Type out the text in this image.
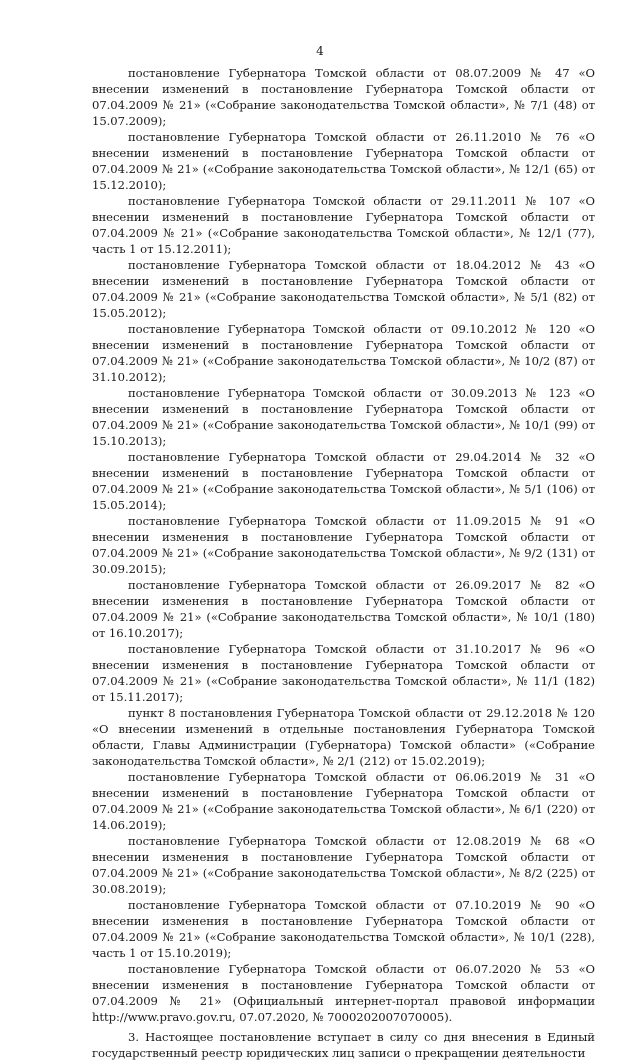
4

постановление Губернатора Томской области от 08.07.2009 № 47 «О внесении изменений в постановление Губернатора Томской области от 07.04.2009 № 21» («Собрание законодательства Томской области», № 7/1 (48) от 15.07.2009);

постановление Губернатора Томской области от 26.11.2010 № 76 «О внесении изменений в постановление Губернатора Томской области от 07.04.2009 № 21» («Собрание законодательства Томской области», № 12/1 (65) от 15.12.2010);

постановление Губернатора Томской области от 29.11.2011 № 107 «О внесении изменений в постановление Губернатора Томской области от 07.04.2009 № 21» («Собрание законодательства Томской области», № 12/1 (77), часть 1 от 15.12.2011);

постановление Губернатора Томской области от 18.04.2012 № 43 «О внесении изменений в постановление Губернатора Томской области от 07.04.2009 № 21» («Собрание законодательства Томской области», № 5/1 (82) от 15.05.2012);

постановление Губернатора Томской области от 09.10.2012 № 120 «О внесении изменений в постановление Губернатора Томской области от 07.04.2009 № 21» («Собрание законодательства Томской области», № 10/2 (87) от 31.10.2012);

постановление Губернатора Томской области от 30.09.2013 № 123 «О внесении изменений в постановление Губернатора Томской области от 07.04.2009 № 21» («Собрание законодательства Томской области», № 10/1 (99) от 15.10.2013);

постановление Губернатора Томской области от 29.04.2014 № 32 «О внесении изменений в постановление Губернатора Томской области от 07.04.2009 № 21» («Собрание законодательства Томской области», № 5/1 (106) от 15.05.2014);

постановление Губернатора Томской области от 11.09.2015 № 91 «О внесении изменения в постановление Губернатора Томской области от 07.04.2009 № 21» («Собрание законодательства Томской области», № 9/2 (131) от 30.09.2015);

постановление Губернатора Томской области от 26.09.2017 № 82 «О внесении изменения в постановление Губернатора Томской области от 07.04.2009 № 21» («Собрание законодательства Томской области», № 10/1 (180) от 16.10.2017);

постановление Губернатора Томской области от 31.10.2017 № 96 «О внесении изменения в постановление Губернатора Томской области от 07.04.2009 № 21» («Собрание законодательства Томской области», № 11/1 (182) от 15.11.2017);

пункт 8 постановления Губернатора Томской области от 29.12.2018 № 120 «О внесении изменений в отдельные постановления Губернатора Томской области, Главы Администрации (Губернатора) Томской области» («Собрание законодательства Томской области», № 2/1 (212) от 15.02.2019);

постановление Губернатора Томской области от 06.06.2019 № 31 «О внесении изменений в постановление Губернатора Томской области от 07.04.2009 № 21» («Собрание законодательства Томской области», № 6/1 (220) от 14.06.2019);

постановление Губернатора Томской области от 12.08.2019 № 68 «О внесении изменения в постановление Губернатора Томской области от 07.04.2009 № 21» («Собрание законодательства Томской области», № 8/2 (225) от 30.08.2019);

постановление Губернатора Томской области от 07.10.2019 № 90 «О внесении изменения в постановление Губернатора Томской области от 07.04.2009 № 21» («Собрание законодательства Томской области», № 10/1 (228), часть 1 от 15.10.2019);

постановление Губернатора Томской области от 06.07.2020 № 53 «О внесении изменения в постановление Губернатора Томской области от 07.04.2009 № 21» (Официальный интернет-портал правовой информации http://www.pravo.gov.ru, 07.07.2020, № 7000202007070005).

3. Настоящее постановление вступает в силу со дня внесения в Единый государственный реестр юридических лиц записи о прекращении деятельности
